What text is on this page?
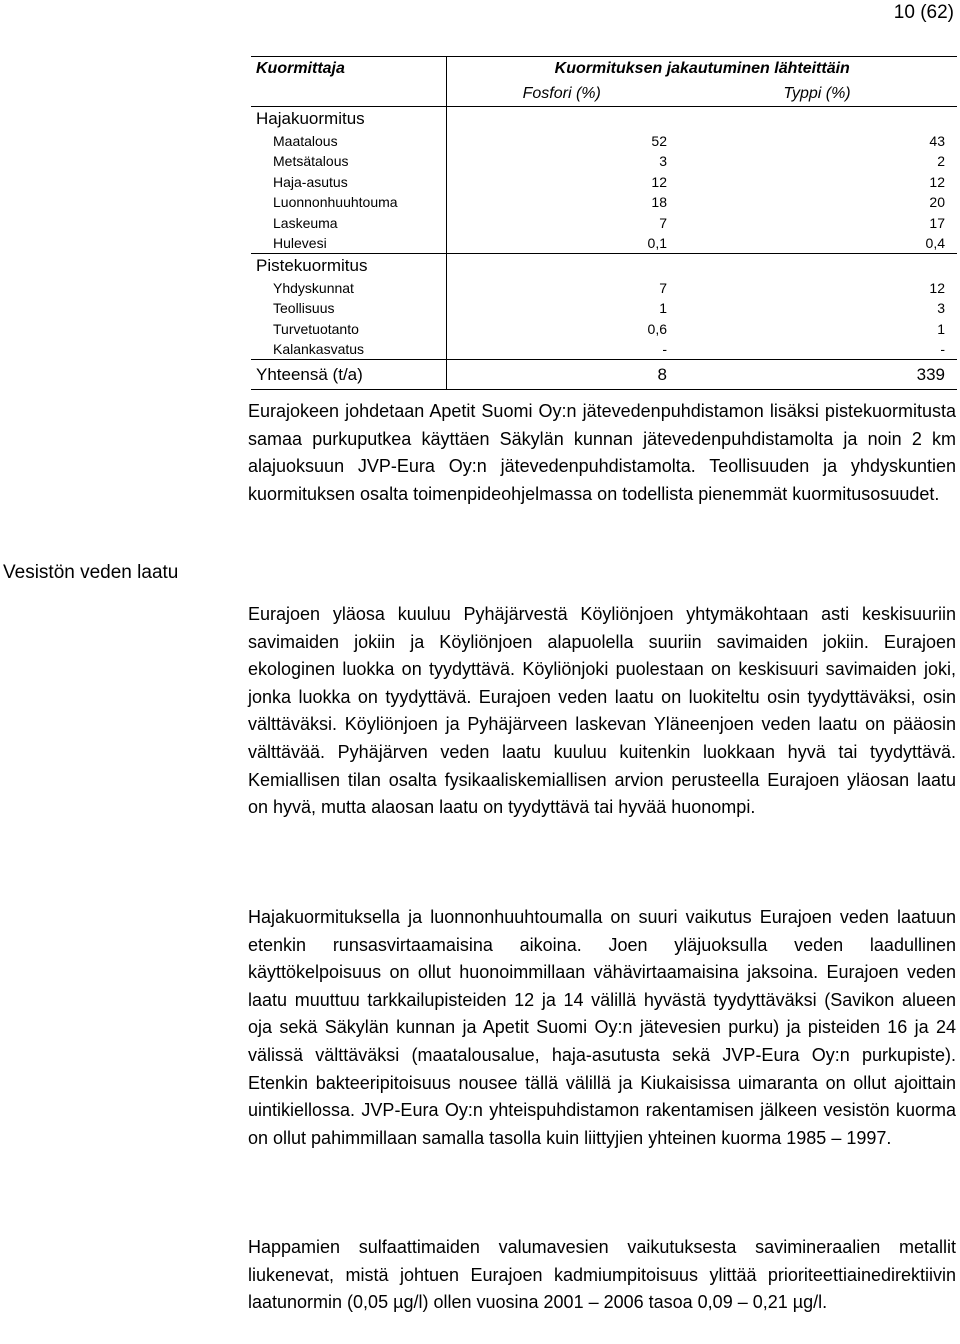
10 (62)
Kuormittaja	Kuormituksen jakautuminen lähteittäin	
	Fosfori (%)	Typpi (%)
Hajakuormitus		
Maatalous	52	43
Metsätalous	3	2
Haja-asutus	12	12
Luonnonhuuhtouma	18	20
Laskeuma	7	17
Hulevesi	0,1	0,4
Pistekuormitus		
Yhdyskunnat	7	12
Teollisuus	1	3
Turvetuotanto	0,6	1
Kalankasvatus	-	-
Yhteensä (t/a)	8	339
Vesistön veden laatu

Eurajokeen johdetaan Apetit Suomi Oy:n jätevedenpuhdistamon lisäksi pistekuormitusta samaa purkuputkea käyttäen Säkylän kunnan jätevedenpuhdistamolta ja noin 2 km alajuoksuun JVP-Eura Oy:n jätevedenpuhdistamolta. Teollisuuden ja yhdyskuntien kuormituksen osalta toimenpideohjelmassa on todellista pienemmät kuormitusosuudet.

Eurajoen yläosa kuuluu Pyhäjärvestä Köyliönjoen yhtymäkohtaan asti keskisuuriin savimaiden jokiin ja Köyliönjoen alapuolella suuriin savimaiden jokiin. Eurajoen ekologinen luokka on tyydyttävä. Köyliönjoki puolestaan on keskisuuri savimaiden joki, jonka luokka on tyydyttävä. Eurajoen veden laatu on luokiteltu osin tyydyttäväksi, osin välttäväksi. Köyliönjoen ja Pyhäjärveen laskevan Yläneenjoen veden laatu on pääosin välttävää. Pyhäjärven veden laatu kuuluu kuitenkin luokkaan hyvä tai tyydyttävä. Kemiallisen tilan osalta fysikaaliskemiallisen arvion perusteella Eurajoen yläosan laatu on hyvä, mutta alaosan laatu on tyydyttävä tai hyvää huonompi.

Hajakuormituksella ja luonnonhuuhtoumalla on suuri vaikutus Eurajoen veden laatuun etenkin runsasvirtaamaisina aikoina. Joen yläjuoksulla veden laadullinen käyttökelpoisuus on ollut huonoimmillaan vähävirtaamaisina jaksoina. Eurajoen veden laatu muuttuu tarkkailupisteiden 12 ja 14 välillä hyvästä tyydyttäväksi (Savikon alueen oja sekä Säkylän kunnan ja Apetit Suomi Oy:n jätevesien purku) ja pisteiden 16 ja 24 välissä välttäväksi (maatalousalue, haja-asutusta sekä JVP-Eura Oy:n purkupiste). Etenkin bakteeripitoisuus nousee tällä välillä ja Kiukaisissa uimaranta on ollut ajoittain uintikiellossa. JVP-Eura Oy:n yhteispuhdistamon rakentamisen jälkeen vesistön kuorma on ollut pahimmillaan samalla tasolla kuin liittyjien yhteinen kuorma 1985 – 1997.

Happamien sulfaattimaiden valumavesien vaikutuksesta savimineraalien metallit liukenevat, mistä johtuen Eurajoen kadmiumpitoisuus ylittää prioriteettiainedirektiivin laatunormin (0,05 µg/l) ollen vuosina 2001 – 2006 tasoa 0,09 – 0,21 µg/l.
